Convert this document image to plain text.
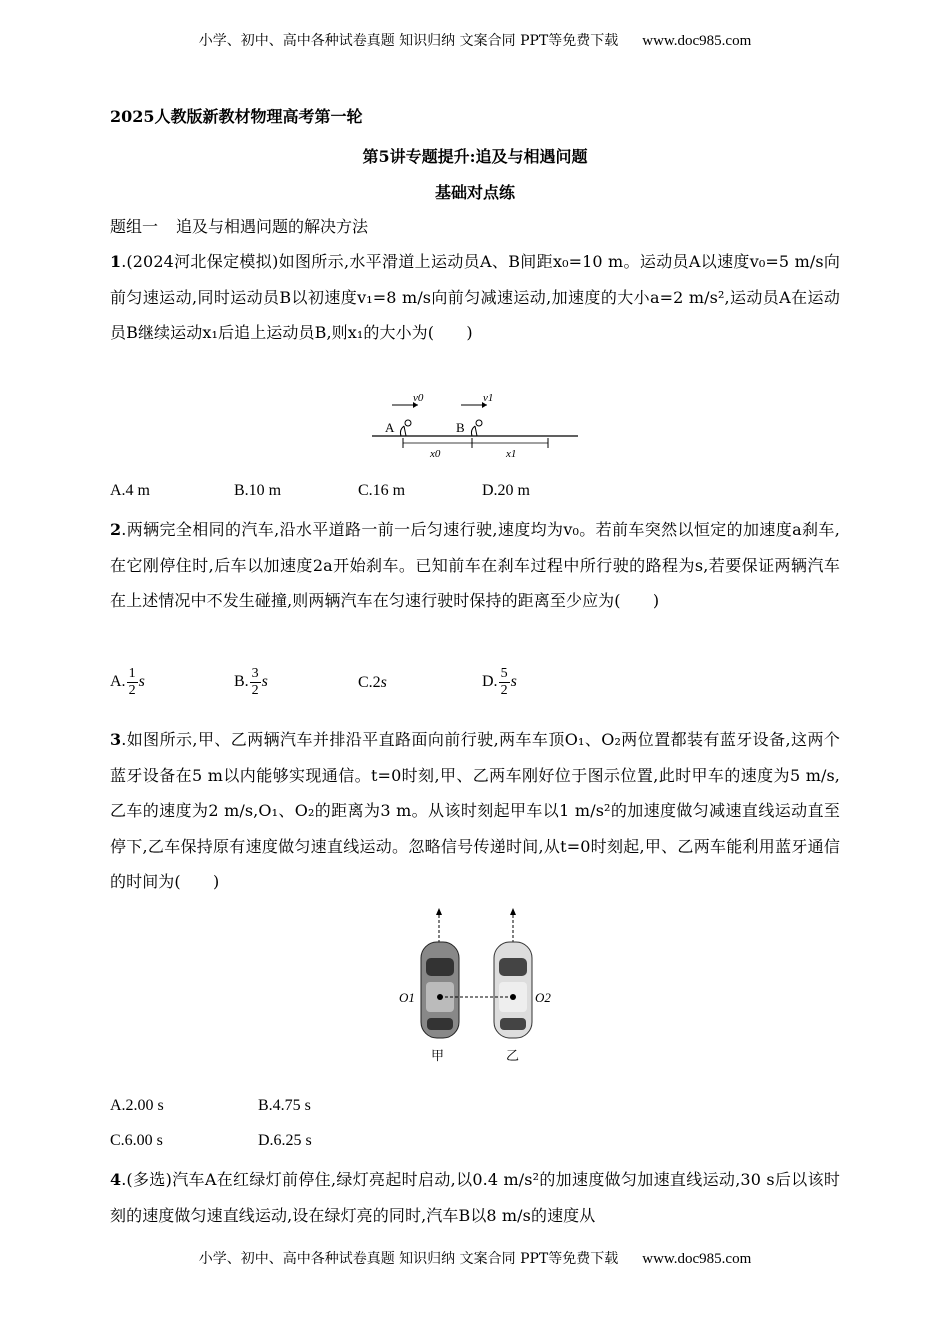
小学、初中、高中各种试卷真题 知识归纳 文案合同 PPT等免费下载 www.doc985.com
2025人教版新教材物理高考第一轮
第5讲专题提升:追及与相遇问题
基础对点练
题组一 追及与相遇问题的解决方法
1.(2024河北保定模拟)如图所示,水平滑道上运动员A、B间距x₀=10 m。运动员A以速度v₀=5 m/s向前匀速运动,同时运动员B以初速度v₁=8 m/s向前匀减速运动,加速度的大小a=2 m/s²,运动员A在运动员B继续运动x₁后追上运动员B,则x₁的大小为(　　)
A	B
v0	v1
x0	x1
A.4 m	B.10 m	C.16 m	D.20 m
2.两辆完全相同的汽车,沿水平道路一前一后匀速行驶,速度均为v₀。若前车突然以恒定的加速度a刹车,在它刚停住时,后车以加速度2a开始刹车。已知前车在刹车过程中所行驶的路程为s,若要保证两辆汽车在上述情况中不发生碰撞,则两辆汽车在匀速行驶时保持的距离至少应为(　　)
A. $\frac{1}{2}$ s	B. $\frac{3}{2}$ s	C.2s	D. $\frac{5}{2}$ s
3.如图所示,甲、乙两辆汽车并排沿平直路面向前行驶,两车车顶O₁、O₂两位置都装有蓝牙设备,这两个蓝牙设备在5 m以内能够实现通信。t=0时刻,甲、乙两车刚好位于图示位置,此时甲车的速度为5 m/s,乙车的速度为2 m/s,O₁、O₂的距离为3 m。从该时刻起甲车以1 m/s²的加速度做匀减速直线运动直至停下,乙车保持原有速度做匀速直线运动。忽略信号传递时间,从t=0时刻起,甲、乙两车能利用蓝牙通信的时间为(　　)
O1	O2
甲	乙
A.2.00 s	B.4.75 s
C.6.00 s	D.6.25 s
4.(多选)汽车A在红绿灯前停住,绿灯亮起时启动,以0.4 m/s²的加速度做匀加速直线运动,30 s后以该时刻的速度做匀速直线运动,设在绿灯亮的同时,汽车B以8 m/s的速度从
小学、初中、高中各种试卷真题 知识归纳 文案合同 PPT等免费下载 www.doc985.com
